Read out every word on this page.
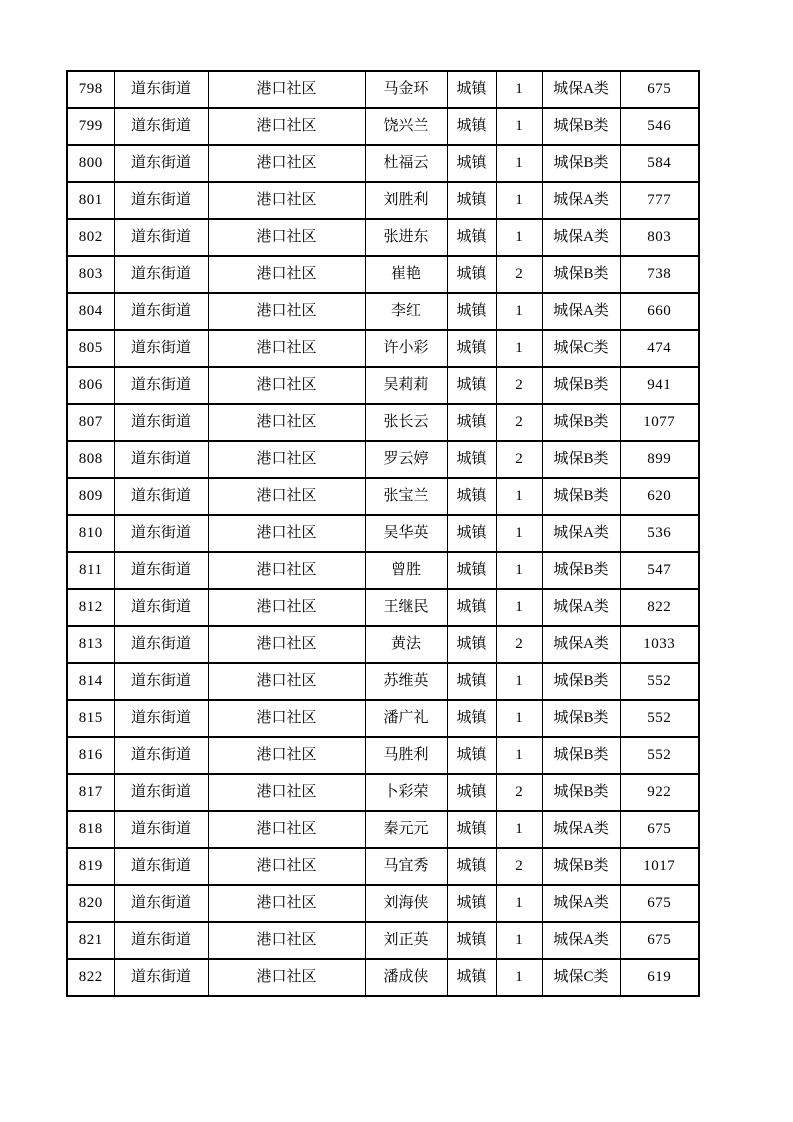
798	道东街道	港口社区	马金环	城镇	1	城保A类	675
799	道东街道	港口社区	饶兴兰	城镇	1	城保B类	546
800	道东街道	港口社区	杜福云	城镇	1	城保B类	584
801	道东街道	港口社区	刘胜利	城镇	1	城保A类	777
802	道东街道	港口社区	张进东	城镇	1	城保A类	803
803	道东街道	港口社区	崔艳	城镇	2	城保B类	738
804	道东街道	港口社区	李红	城镇	1	城保A类	660
805	道东街道	港口社区	许小彩	城镇	1	城保C类	474
806	道东街道	港口社区	吴莉莉	城镇	2	城保B类	941
807	道东街道	港口社区	张长云	城镇	2	城保B类	1077
808	道东街道	港口社区	罗云婷	城镇	2	城保B类	899
809	道东街道	港口社区	张宝兰	城镇	1	城保B类	620
810	道东街道	港口社区	吴华英	城镇	1	城保A类	536
811	道东街道	港口社区	曾胜	城镇	1	城保B类	547
812	道东街道	港口社区	王继民	城镇	1	城保A类	822
813	道东街道	港口社区	黄法	城镇	2	城保A类	1033
814	道东街道	港口社区	苏维英	城镇	1	城保B类	552
815	道东街道	港口社区	潘广礼	城镇	1	城保B类	552
816	道东街道	港口社区	马胜利	城镇	1	城保B类	552
817	道东街道	港口社区	卜彩荣	城镇	2	城保B类	922
818	道东街道	港口社区	秦元元	城镇	1	城保A类	675
819	道东街道	港口社区	马宜秀	城镇	2	城保B类	1017
820	道东街道	港口社区	刘海侠	城镇	1	城保A类	675
821	道东街道	港口社区	刘正英	城镇	1	城保A类	675
822	道东街道	港口社区	潘成侠	城镇	1	城保C类	619
